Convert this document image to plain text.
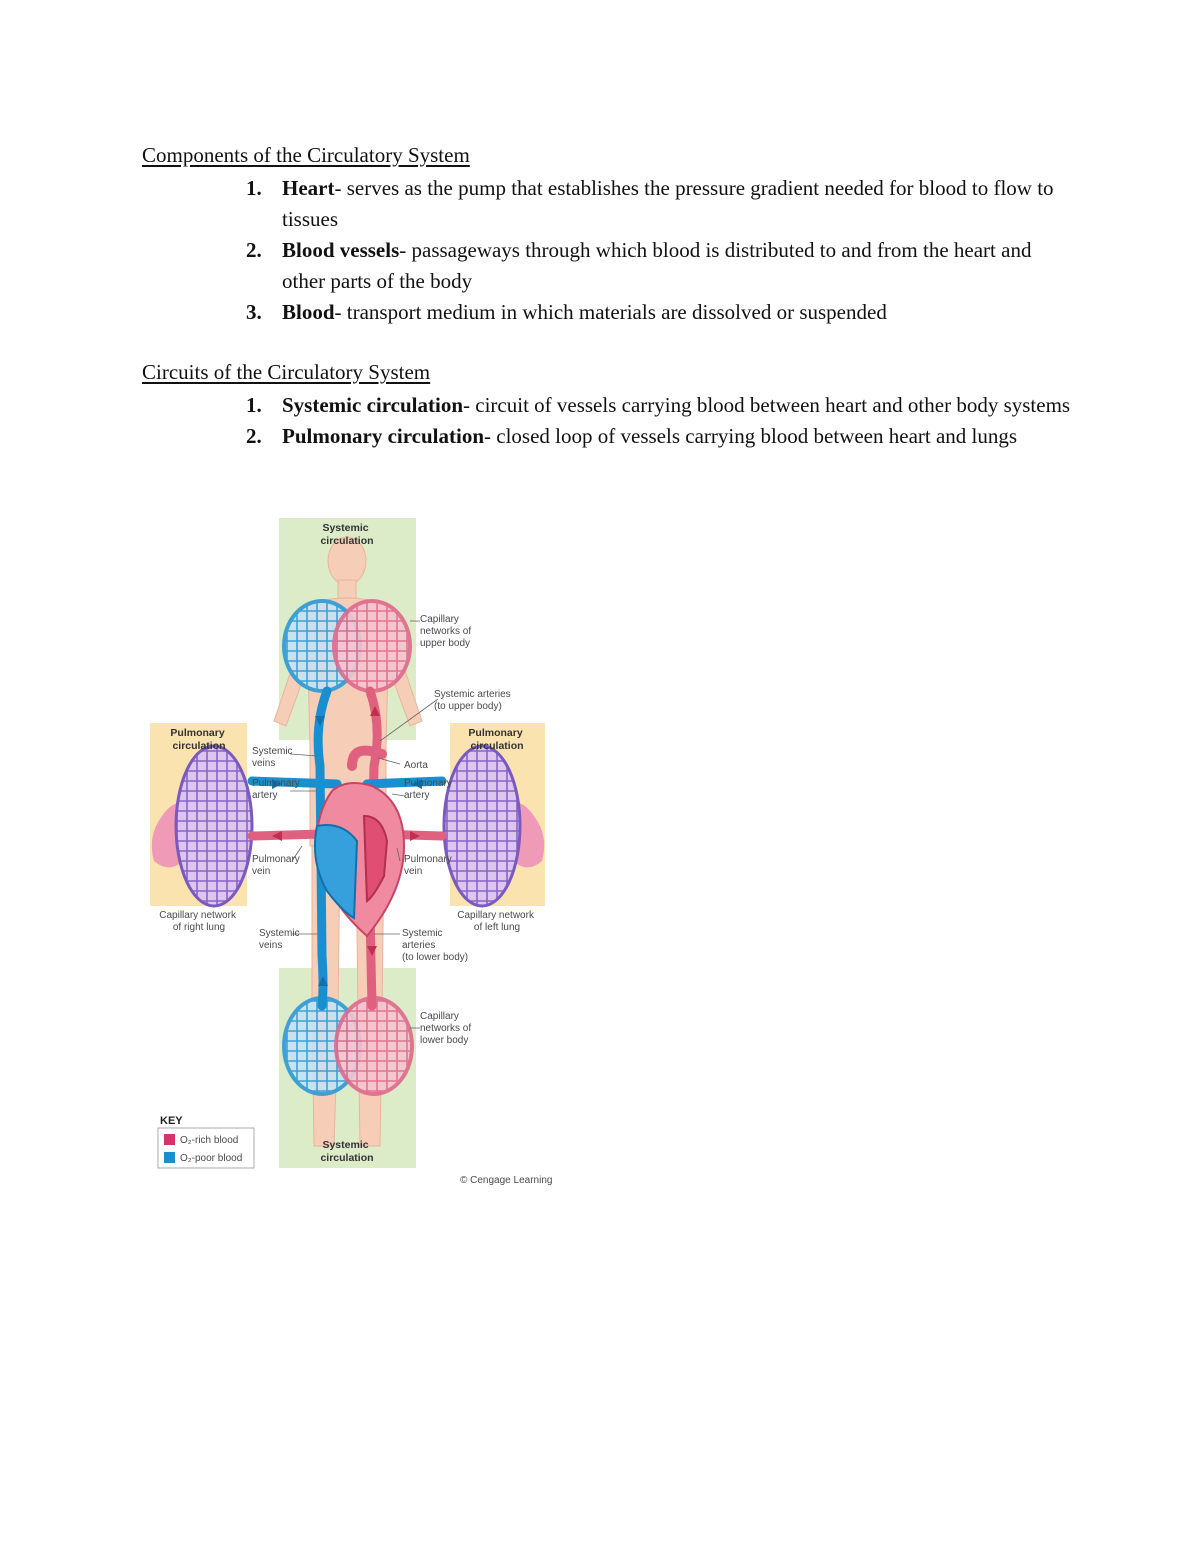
Components of the Circulatory System
1. Heart- serves as the pump that establishes the pressure gradient needed for blood to flow to tissues
2. Blood vessels- passageways through which blood is distributed to and from the heart and other parts of the body
3. Blood- transport medium in which materials are dissolved or suspended
Circuits of the Circulatory System
1. Systemic circulation- circuit of vessels carrying blood between heart and other body systems
2. Pulmonary circulation- closed loop of vessels carrying blood between heart and lungs
Systemic circulation
Pulmonary circulation
Pulmonary circulation
Systemic circulation
Capillary networks of upper body
Systemic arteries (to upper body)
Systemic veins
Pulmonary artery
Aorta
Pulmonary artery
Pulmonary vein
Pulmonary vein
Capillary network of right lung
Capillary network of left lung
Systemic veins
Systemic arteries (to lower body)
Capillary networks of lower body
KEY
O₂-rich blood
O₂-poor blood
© Cengage Learning
